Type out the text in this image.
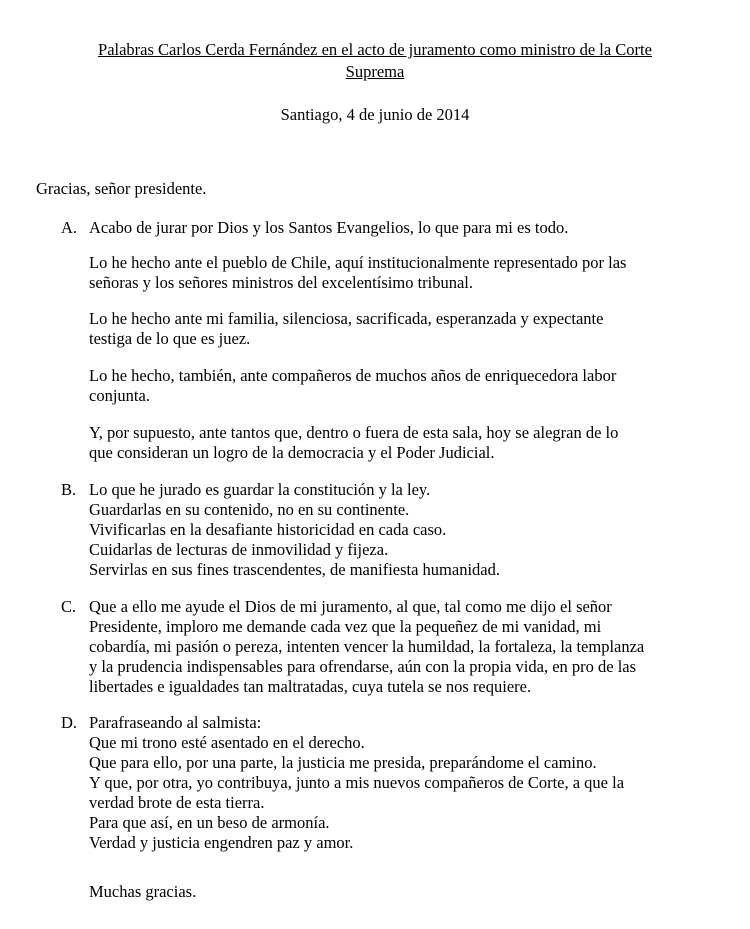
Palabras Carlos Cerda Fernández en el acto de juramento como ministro de la Corte
Suprema
Santiago, 4 de junio de 2014
Gracias, señor presidente.
A. Acabo de jurar por Dios y los Santos Evangelios, lo que para mi es todo.
Lo he hecho ante el pueblo de Chile, aquí institucionalmente representado por las
señoras y los señores ministros del excelentísimo tribunal.
Lo he hecho ante mi familia, silenciosa, sacrificada, esperanzada y expectante
testiga de lo que es juez.
Lo he hecho, también, ante compañeros de muchos años de enriquecedora labor
conjunta.
Y, por supuesto, ante tantos que, dentro o fuera de esta sala, hoy se alegran de lo
que consideran un logro de la democracia y el Poder Judicial.
B. Lo que he jurado es guardar la constitución y la ley.
Guardarlas en su contenido, no en su continente.
Vivificarlas en la desafiante historicidad en cada caso.
Cuidarlas de lecturas de inmovilidad y fijeza.
Servirlas en sus fines trascendentes, de manifiesta humanidad.
C. Que a ello me ayude el Dios de mi juramento, al que, tal como me dijo el señor
Presidente, imploro me demande cada vez que la pequeñez de mi vanidad, mi
cobardía, mi pasión o pereza, intenten vencer la humildad, la fortaleza, la templanza
y la prudencia indispensables para ofrendarse, aún con la propia vida, en pro de las
libertades e igualdades tan maltratadas, cuya tutela se nos requiere.
D. Parafraseando al salmista:
Que mi trono esté asentado en el derecho.
Que para ello, por una parte, la justicia me presida, preparándome el camino.
Y que, por otra, yo contribuya, junto a mis nuevos compañeros de Corte, a que la
verdad brote de esta tierra.
Para que así, en un beso de armonía.
Verdad y justicia engendren paz y amor.
Muchas gracias.
